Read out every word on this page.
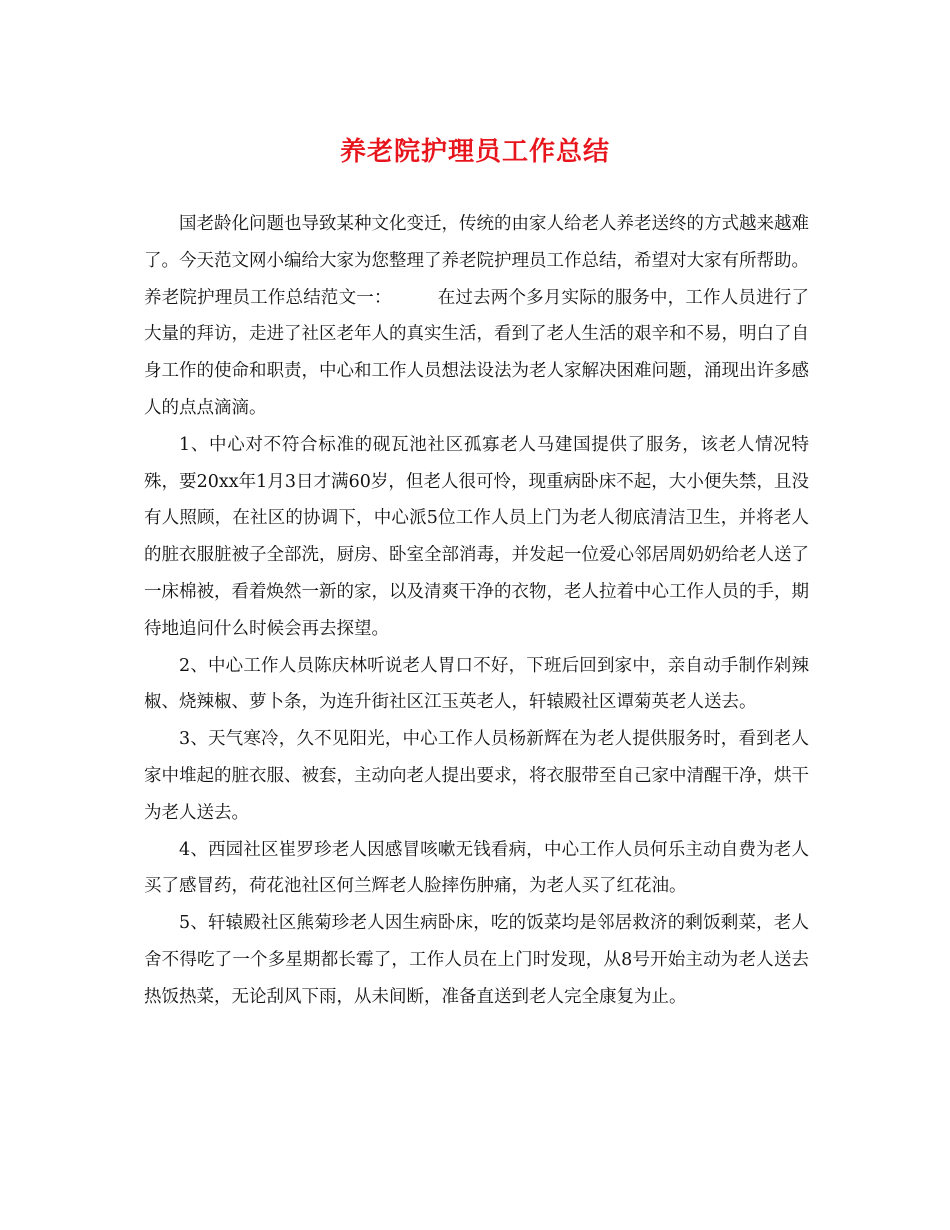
养老院护理员工作总结

国老龄化问题也导致某种文化变迁，传统的由家人给老人养老送终的方式越来越难了。今天范文网小编给大家为您整理了养老院护理员工作总结，希望对大家有所帮助。

养老院护理员工作总结范文一：	在过去两个多月实际的服务中，工作人员进行了大量的拜访，走进了社区老年人的真实生活，看到了老人生活的艰辛和不易，明白了自身工作的使命和职责，中心和工作人员想法设法为老人家解决困难问题，涌现出许多感人的点点滴滴。

1、中心对不符合标准的砚瓦池社区孤寡老人马建国提供了服务，该老人情况特殊，要20xx年1月3日才满60岁，但老人很可怜，现重病卧床不起，大小便失禁，且没有人照顾，在社区的协调下，中心派5位工作人员上门为老人彻底清洁卫生，并将老人的脏衣服脏被子全部洗，厨房、卧室全部消毒，并发起一位爱心邻居周奶奶给老人送了一床棉被，看着焕然一新的家，以及清爽干净的衣物，老人拉着中心工作人员的手，期待地追问什么时候会再去探望。

2、中心工作人员陈庆林听说老人胃口不好，下班后回到家中，亲自动手制作剁辣椒、烧辣椒、萝卜条，为连升街社区江玉英老人，轩辕殿社区谭菊英老人送去。

3、天气寒冷，久不见阳光，中心工作人员杨新辉在为老人提供服务时，看到老人家中堆起的脏衣服、被套，主动向老人提出要求，将衣服带至自己家中清醒干净，烘干为老人送去。

4、西园社区崔罗珍老人因感冒咳嗽无钱看病，中心工作人员何乐主动自费为老人买了感冒药，荷花池社区何兰辉老人脸摔伤肿痛，为老人买了红花油。

5、轩辕殿社区熊菊珍老人因生病卧床，吃的饭菜均是邻居救济的剩饭剩菜，老人舍不得吃了一个多星期都长霉了，工作人员在上门时发现，从8号开始主动为老人送去热饭热菜，无论刮风下雨，从未间断，准备直送到老人完全康复为止。
